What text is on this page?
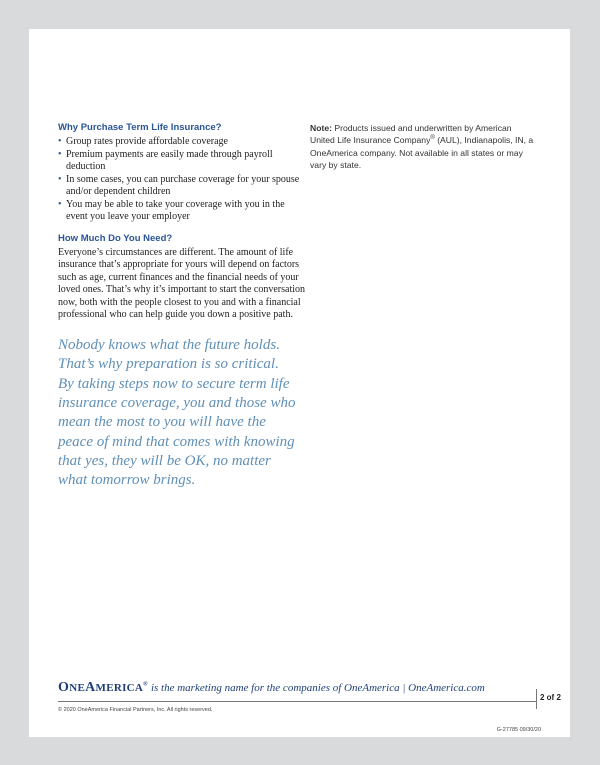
Why Purchase Term Life Insurance?
• Group rates provide affordable coverage
• Premium payments are easily made through payroll deduction
• In some cases, you can purchase coverage for your spouse and/or dependent children
• You may be able to take your coverage with you in the event you leave your employer
How Much Do You Need?

Everyone’s circumstances are different. The amount of life insurance that’s appropriate for yours will depend on factors such as age, current finances and the financial needs of your loved ones. That’s why it’s important to start the conversation now, both with the people closest to you and with a financial professional who can help guide you down a positive path.

Nobody knows what the future holds. That’s why preparation is so critical. By taking steps now to secure term life insurance coverage, you and those who mean the most to you will have the peace of mind that comes with knowing that yes, they will be OK, no matter what tomorrow brings.
Note: Products issued and underwritten by American United Life Insurance Company® (AUL), Indianapolis, IN, a OneAmerica company. Not available in all states or may vary by state.
ONEAMERICA® is the marketing name for the companies of OneAmerica | OneAmerica.com
2 of 2
© 2020 OneAmerica Financial Partners, Inc. All rights reserved.
G-27785 09/30/20
